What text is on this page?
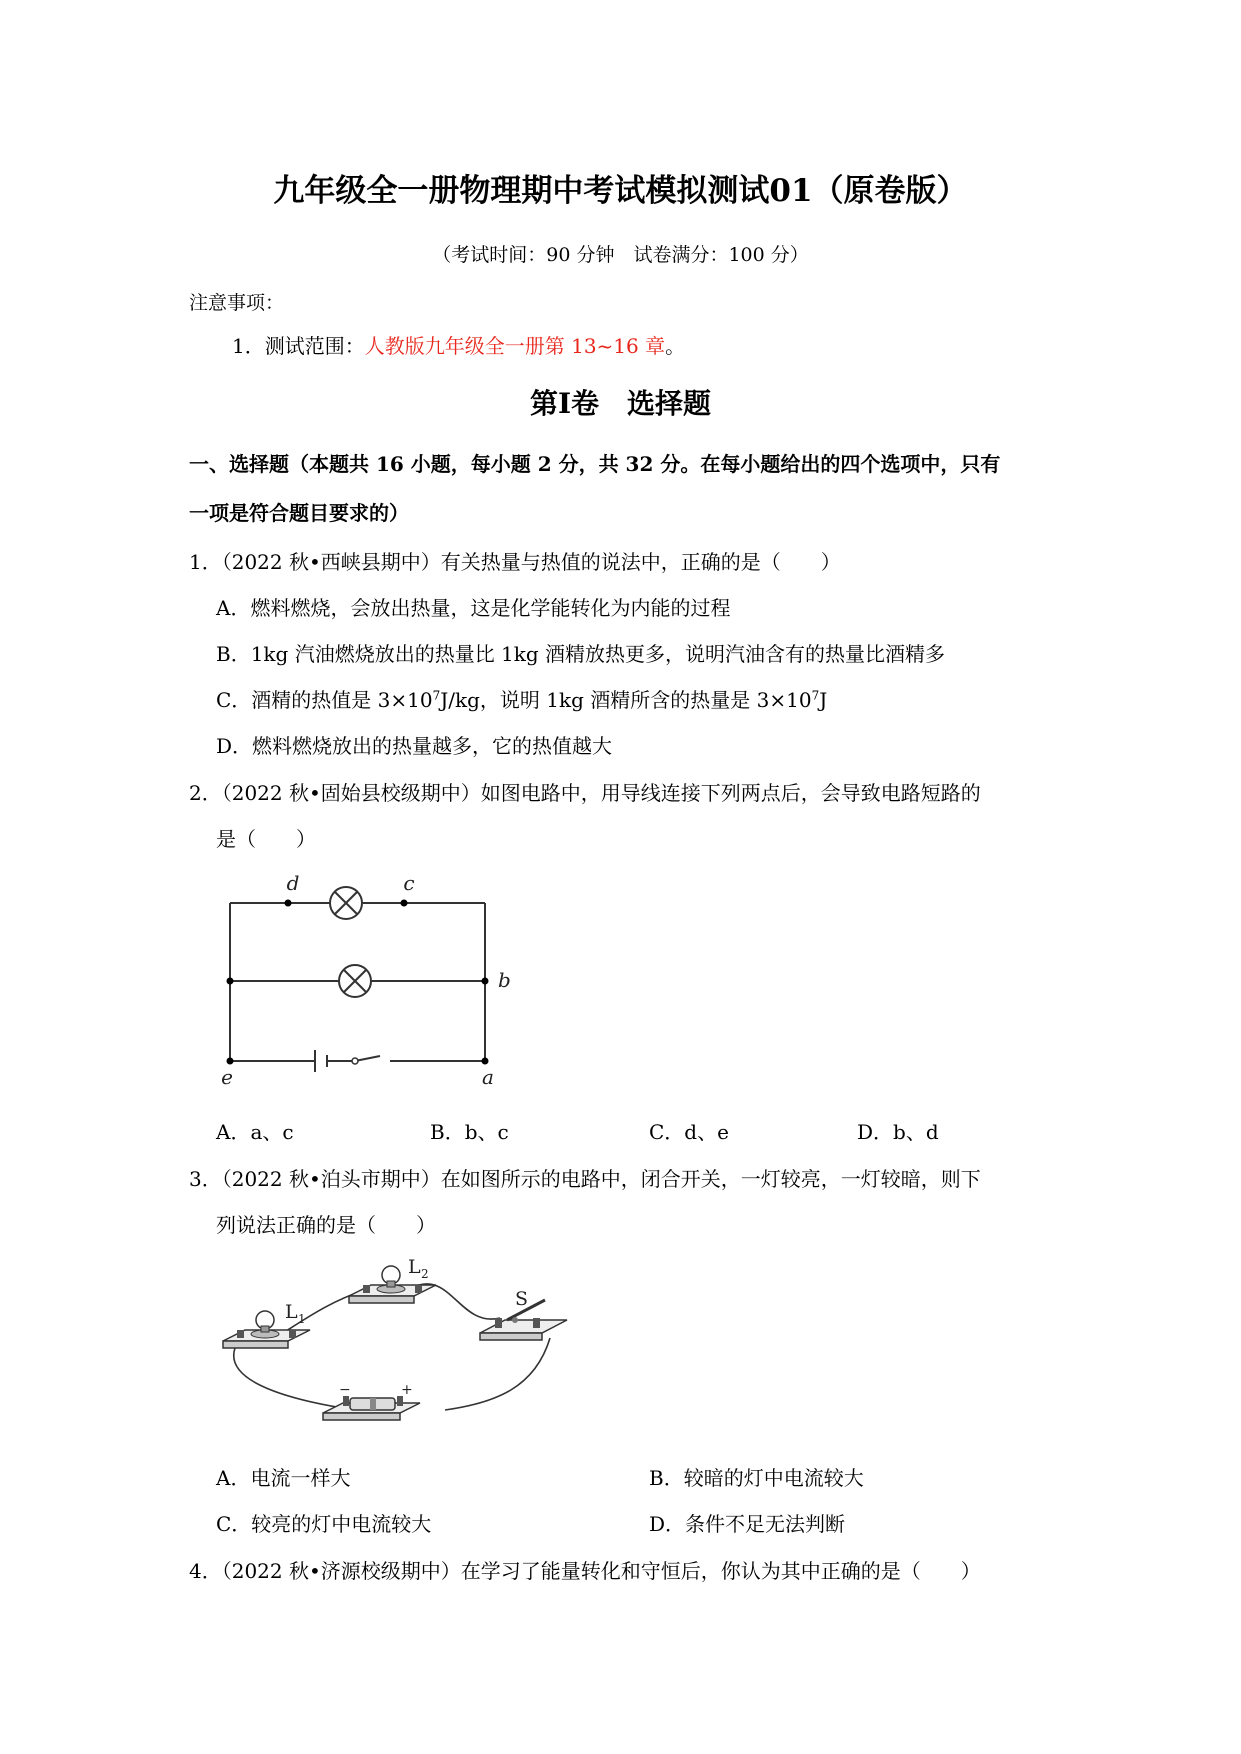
九年级全一册物理期中考试模拟测试01（原卷版）
（考试时间：90 分钟　试卷满分：100 分）
注意事项：
1．测试范围：人教版九年级全一册第 13~16 章。
第Ⅰ卷　选择题
一、选择题（本题共 16 小题，每小题 2 分，共 32 分。在每小题给出的四个选项中，只有
一项是符合题目要求的）
1．（2022 秋•西峡县期中）有关热量与热值的说法中，正确的是（　　）
A．燃料燃烧，会放出热量，这是化学能转化为内能的过程
B．1kg 汽油燃烧放出的热量比 1kg 酒精放热更多，说明汽油含有的热量比酒精多
C．酒精的热值是 $3\times 10^7J/kg$，说明 1kg 酒精所含的热量是 $3\times 10^7J$
D．燃料燃烧放出的热量越多，它的热值越大
2．（2022 秋•固始县校级期中）如图电路中，用导线连接下列两点后，会导致电路短路的
是（　　）
d	c
b
e	a
A．a、c	B．b、c	C．d、e	D．b、d
3．（2022 秋•泊头市期中）在如图所示的电路中，闭合开关，一灯较亮，一灯较暗，则下
列说法正确的是（　　）
L 1
L 2
S
−	+
A．电流一样大	B．较暗的灯中电流较大
C．较亮的灯中电流较大	D．条件不足无法判断
4．（2022 秋•济源校级期中）在学习了能量转化和守恒后，你认为其中正确的是（　　）
